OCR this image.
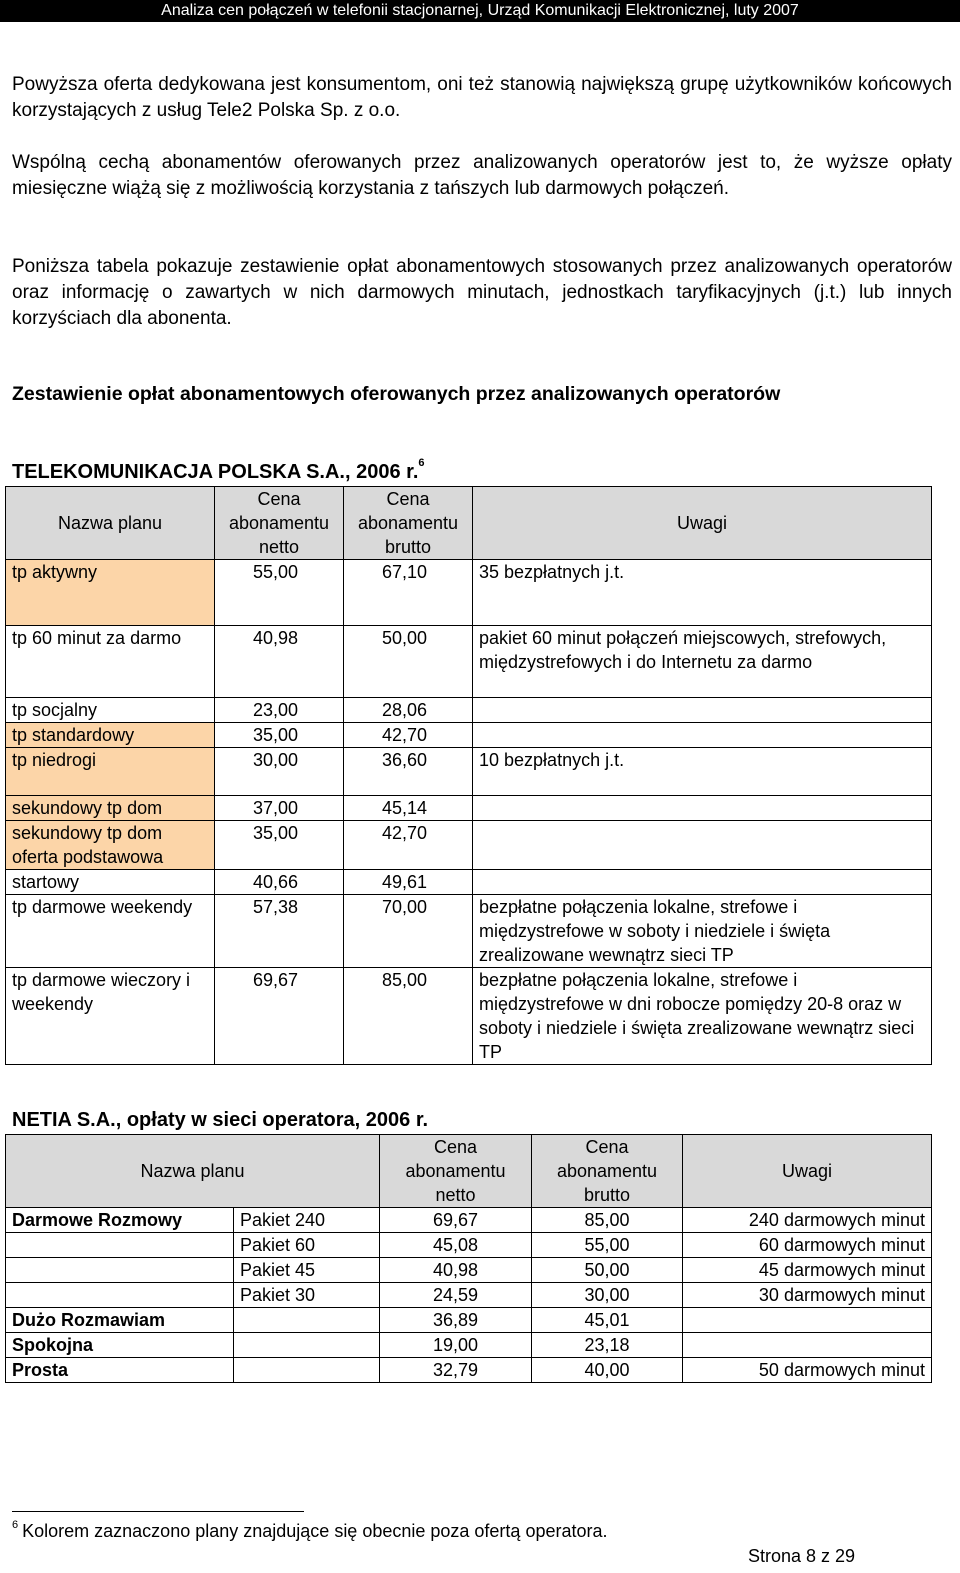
Analiza cen połączeń w telefonii stacjonarnej, Urząd Komunikacji Elektronicznej, luty 2007

Powyższa oferta dedykowana jest konsumentom, oni też stanowią największą grupę użytkowników końcowych korzystających z usług Tele2 Polska Sp. z o.o.

Wspólną cechą abonamentów oferowanych przez analizowanych operatorów jest to, że wyższe opłaty miesięczne wiążą się z możliwością korzystania z tańszych lub darmowych połączeń.

Poniższa tabela pokazuje zestawienie opłat abonamentowych stosowanych przez analizowanych operatorów oraz informację o zawartych w nich darmowych minutach, jednostkach taryfikacyjnych (j.t.) lub innych korzyściach dla abonenta.

Zestawienie opłat abonamentowych oferowanych przez analizowanych operatorów

TELEKOMUNIKACJA POLSKA S.A., 2006 r.$^6$
Nazwa planu	Cena abonamentu netto	Cena abonamentu brutto	Uwagi
tp aktywny	55,00	67,10	35 bezpłatnych j.t.
tp 60 minut za darmo	40,98	50,00	pakiet 60 minut połączeń miejscowych, strefowych, międzystrefowych i do Internetu za darmo
tp socjalny	23,00	28,06	
tp standardowy	35,00	42,70	
tp niedrogi	30,00	36,60	10 bezpłatnych j.t.
sekundowy tp dom	37,00	45,14	
sekundowy tp dom oferta podstawowa	35,00	42,70	
startowy	40,66	49,61	
tp darmowe weekendy	57,38	70,00	bezpłatne połączenia lokalne, strefowe i międzystrefowe w soboty i niedziele i święta zrealizowane wewnątrz sieci TP
tp darmowe wieczory i weekendy	69,67	85,00	bezpłatne połączenia lokalne, strefowe i międzystrefowe w dni robocze pomiędzy 20-8 oraz w soboty i niedziele i święta zrealizowane wewnątrz sieci TP
NETIA S.A., opłaty w sieci operatora, 2006 r.
Nazwa planu		Cena abonamentu netto	Cena abonamentu brutto	Uwagi
Darmowe Rozmowy	Pakiet 240	69,67	85,00	240 darmowych minut
	Pakiet 60	45,08	55,00	60 darmowych minut
	Pakiet 45	40,98	50,00	45 darmowych minut
	Pakiet 30	24,59	30,00	30 darmowych minut
Dużo Rozmawiam		36,89	45,01	
Spokojna		19,00	23,18	
Prosta		32,79	40,00	50 darmowych minut
$^6$ Kolorem zaznaczono plany znajdujące się obecnie poza ofertą operatora.
Strona 8 z 29
